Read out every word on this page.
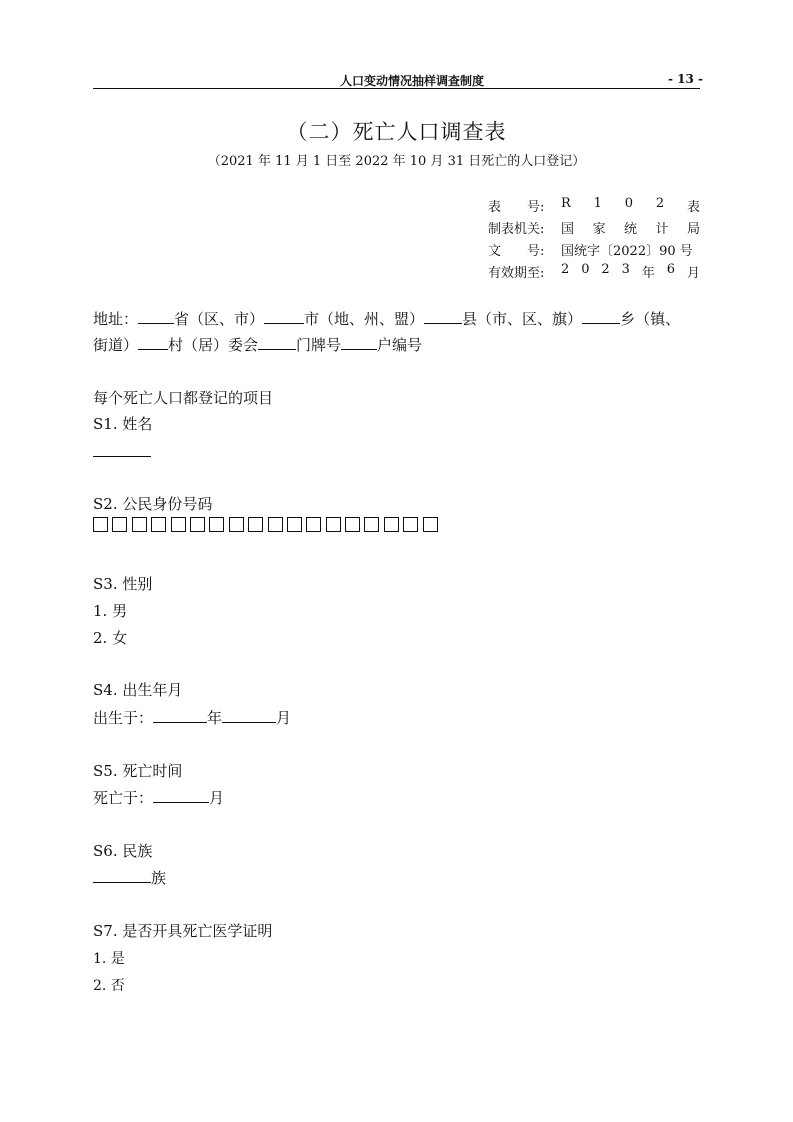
人口变动情况抽样调查制度	- 13 -
（二）死亡人口调查表
（2021 年 11 月 1 日至 2022 年 10 月 31 日死亡的人口登记）
表　　号:	R 1 0 2 表
制表机关:	国 家 统 计 局
文　　号:	国统字〔2022〕90 号
有效期至:	2 0 2 3 年 6 月
地址： 省（区、市）	市（地、州、盟）	县（市、区、旗）	乡（镇、
街道） 村（居）委会	门牌号 户编号
每个死亡人口都登记的项目
S1. 姓名
S2. 公民身份号码
S3. 性别
1. 男
2. 女
S4. 出生年月
出生于：	年	月
S5. 死亡时间
死亡于：	月
S6. 民族
族
S7. 是否开具死亡医学证明
1. 是
2. 否
